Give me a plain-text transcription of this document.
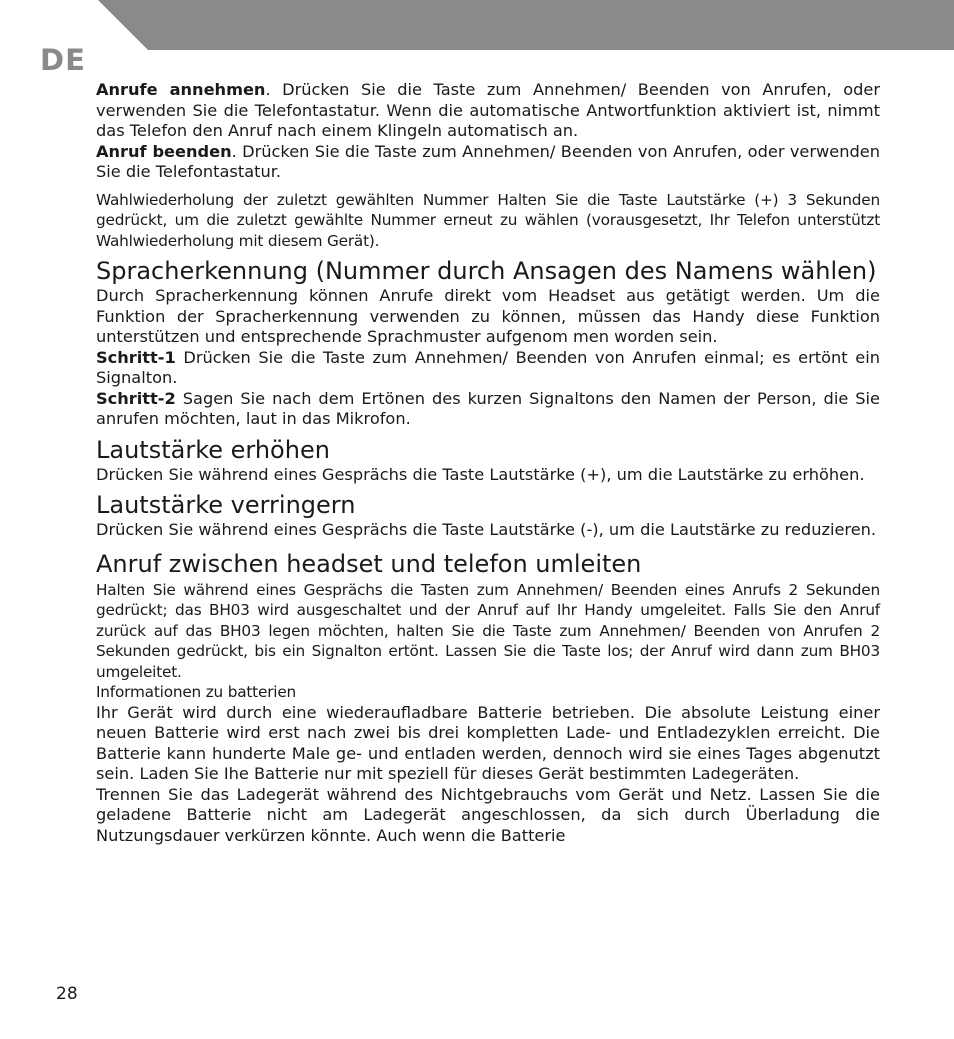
DE

Anrufe annehmen. Drücken Sie die Taste zum Annehmen/ Beenden von Anrufen, oder verwenden Sie die Telefontastatur. Wenn die automatische Antwortfunktion aktiviert ist, nimmt das Telefon den Anruf nach einem Klingeln automatisch an.

Anruf beenden. Drücken Sie die Taste zum Annehmen/ Beenden von Anrufen, oder verwenden Sie die Telefontastatur.

Wahlwiederholung der zuletzt gewählten Nummer Halten Sie die Taste Lautstärke (+) 3 Sekunden gedrückt, um die zuletzt gewählte Nummer erneut zu wählen (vorausgesetzt, Ihr Telefon unterstützt Wahlwiederholung mit diesem Gerät).

Spracherkennung (Nummer durch Ansagen des Namens wählen)

Durch Spracherkennung können Anrufe direkt vom Headset aus getätigt werden. Um die Funktion der Spracherkennung verwenden zu können, müssen das Handy diese Funktion unterstützen und entsprechende Sprachmuster aufgenom men worden sein.

Schritt-1 Drücken Sie die Taste zum Annehmen/ Beenden von Anrufen einmal; es ertönt ein Signalton.

Schritt-2 Sagen Sie nach dem Ertönen des kurzen Signaltons den Namen der Person, die Sie anrufen möchten, laut in das Mikrofon.

Lautstärke erhöhen

Drücken Sie während eines Gesprächs die Taste Lautstärke (+), um die Lautstärke zu erhöhen.

Lautstärke verringern

Drücken Sie während eines Gesprächs die Taste Lautstärke (-), um die Lautstärke zu reduzieren.

Anruf zwischen headset und telefon umleiten

Halten Sie während eines Gesprächs die Tasten zum Annehmen/ Beenden eines Anrufs 2 Sekunden gedrückt; das BH03 wird ausgeschaltet und der Anruf auf Ihr Handy umgeleitet. Falls Sie den Anruf zurück auf das BH03 legen möchten, halten Sie die Taste zum Annehmen/ Beenden von Anrufen 2 Sekunden gedrückt, bis ein Signalton ertönt. Lassen Sie die Taste los; der Anruf wird dann zum BH03 umgeleitet.

Informationen zu batterien

Ihr Gerät wird durch eine wiederaufladbare Batterie betrieben. Die absolute Leistung einer neuen Batterie wird erst nach zwei bis drei kompletten Lade- und Entladezyklen erreicht. Die Batterie kann hunderte Male ge- und entladen werden, dennoch wird sie eines Tages abgenutzt sein. Laden Sie Ihe Batterie nur mit speziell für dieses Gerät bestimmten Ladegeräten.

Trennen Sie das Ladegerät während des Nichtgebrauchs vom Gerät und Netz. Lassen Sie die geladene Batterie nicht am Ladegerät angeschlossen, da sich durch Überladung die Nutzungsdauer verkürzen könnte. Auch wenn die Batterie

28
